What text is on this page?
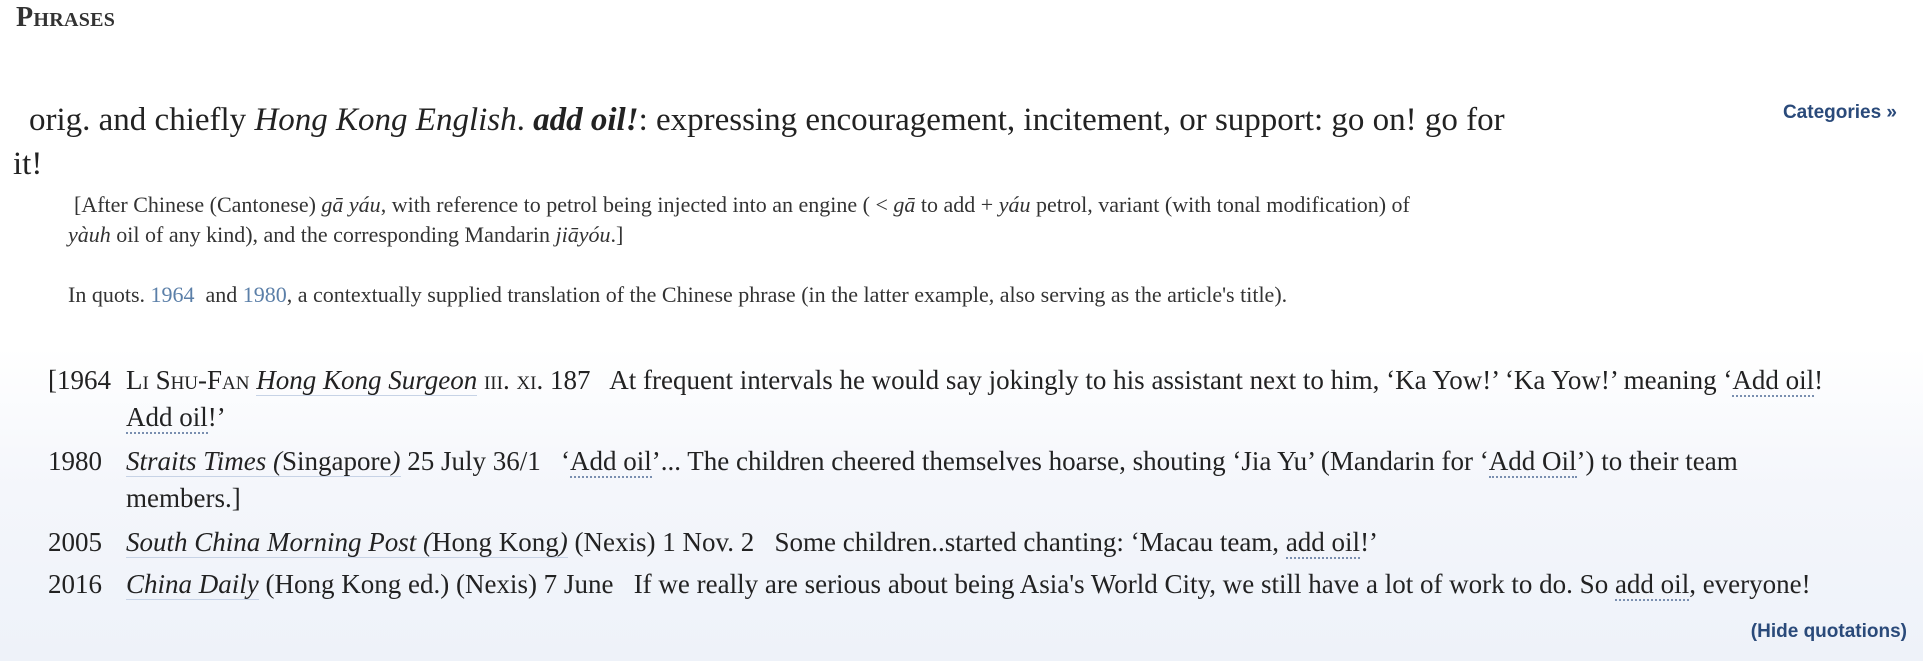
Phrases
Categories »

orig. and chiefly Hong Kong English. add oil!: expressing encouragement, incitement, or support: go on! go for it!

[After Chinese (Cantonese) gā yáu, with reference to petrol being injected into an engine ( < gā to add + yáu petrol, variant (with tonal modification) of
yàuh oil of any kind), and the corresponding Mandarin jiāyóu.]

In quots. 1964  and 1980, a contextually supplied translation of the Chinese phrase (in the latter example, also serving as the article's title).

[1964 Li Shu-Fan Hong Kong Surgeon iii. xi. 187   At frequent intervals he would say jokingly to his assistant next to him, ‘Ka Yow!’ ‘Ka Yow!’ meaning ‘Add oil!
Add oil!’
1980 Straits Times (Singapore) 25 July 36/1   ‘Add oil’... The children cheered themselves hoarse, shouting ‘Jia Yu’ (Mandarin for ‘Add Oil’) to their team
members.]
2005 South China Morning Post (Hong Kong) (Nexis) 1 Nov. 2   Some children..started chanting: ‘Macau team, add oil!’
2016 China Daily (Hong Kong ed.) (Nexis) 7 June   If we really are serious about being Asia's World City, we still have a lot of work to do. So add oil, everyone!
(Hide quotations)
